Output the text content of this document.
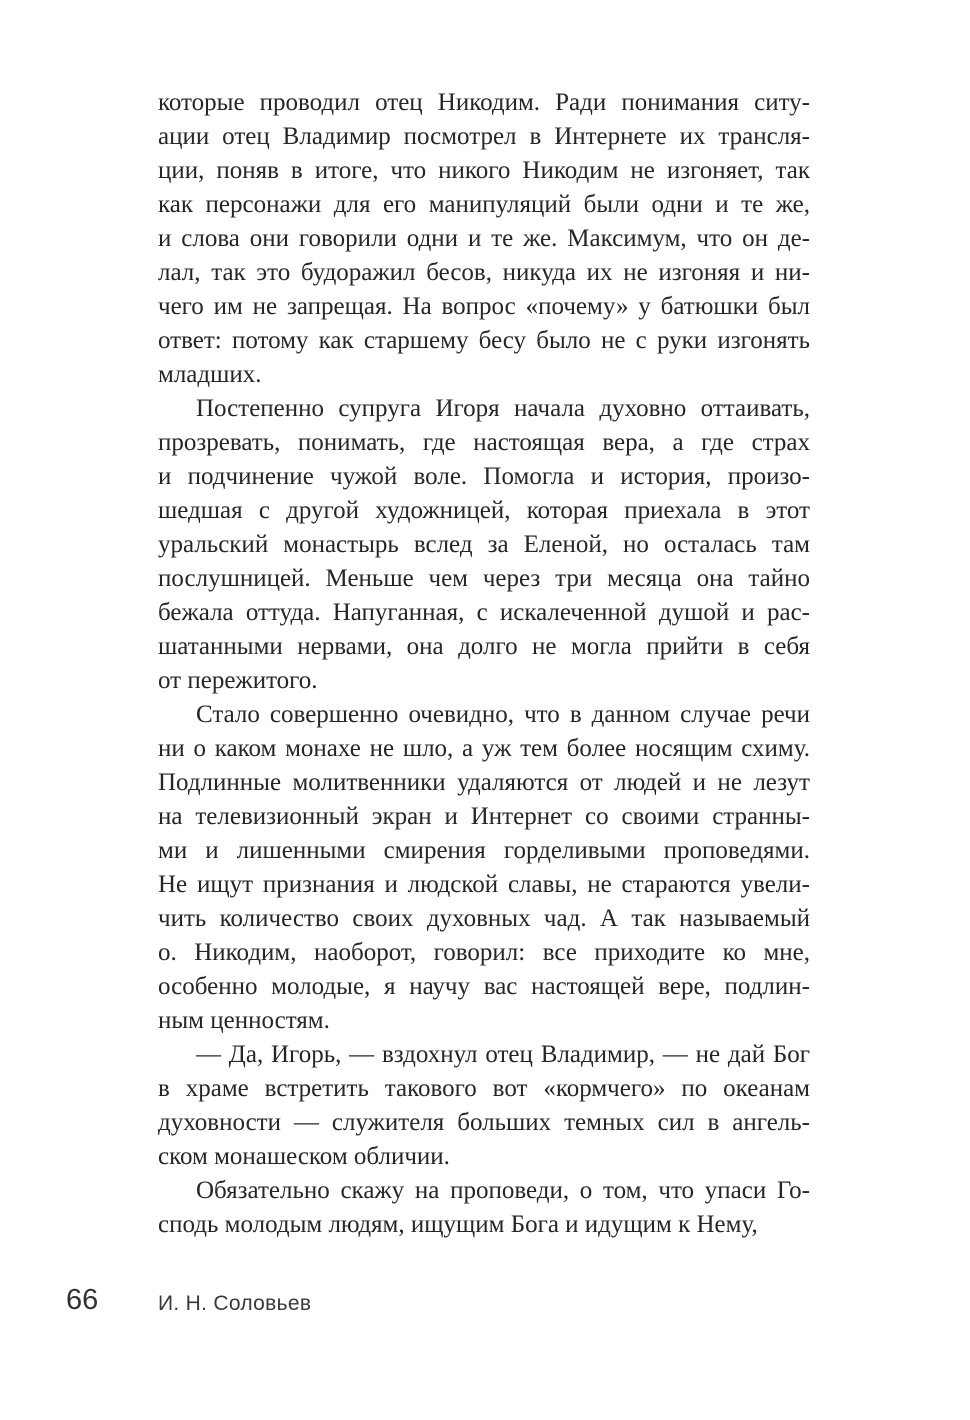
которые проводил отец Никодим. Ради понимания ситу-
ации отец Владимир посмотрел в Интернете их трансля-
ции, поняв в итоге, что никого Никодим не изгоняет, так
как персонажи для его манипуляций были одни и те же,
и слова они говорили одни и те же. Максимум, что он де-
лал, так это будоражил бесов, никуда их не изгоняя и ни-
чего им не запрещая. На вопрос «почему» у батюшки был
ответ: потому как старшему бесу было не с руки изгонять
младших.
Постепенно супруга Игоря начала духовно оттаивать,
прозревать, понимать, где настоящая вера, а где страх
и подчинение чужой воле. Помогла и история, произо-
шедшая с другой художницей, которая приехала в этот
уральский монастырь вслед за Еленой, но осталась там
послушницей. Меньше чем через три месяца она тайно
бежала оттуда. Напуганная, с искалеченной душой и рас-
шатанными нервами, она долго не могла прийти в себя
от пережитого.
Стало совершенно очевидно, что в данном случае речи
ни о каком монахе не шло, а уж тем более носящим схиму.
Подлинные молитвенники удаляются от людей и не лезут
на телевизионный экран и Интернет со своими странны-
ми и лишенными смирения горделивыми проповедями.
Не ищут признания и людской славы, не стараются увели-
чить количество своих духовных чад. А так называемый
о. Никодим, наоборот, говорил: все приходите ко мне,
особенно молодые, я научу вас настоящей вере, подлин-
ным ценностям.
— Да, Игорь, — вздохнул отец Владимир, — не дай Бог
в храме встретить такового вот «кормчего» по океанам
духовности — служителя больших темных сил в ангель-
ском монашеском обличии.
Обязательно скажу на проповеди, о том, что упаси Го-
сподь молодым людям, ищущим Бога и идущим к Нему,
66	И. Н. Соловьев
